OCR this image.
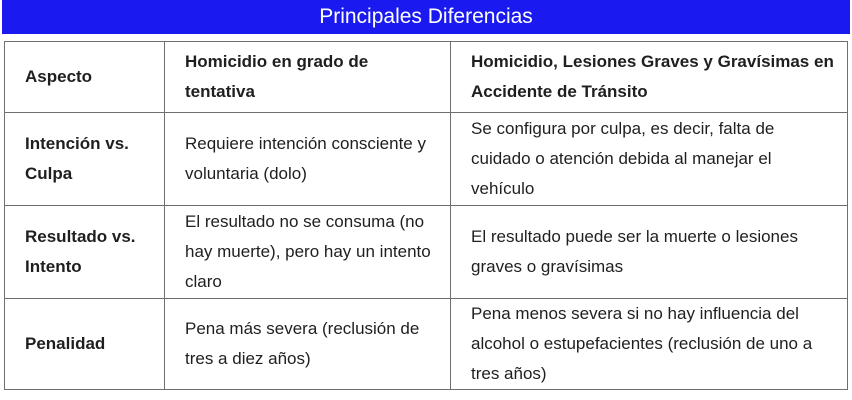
Principales Diferencias
Aspecto	Homicidio en grado de tentativa	Homicidio, Lesiones Graves y Gravísimas en Accidente de Tránsito
Intención vs. Culpa	Requiere intención consciente y voluntaria (dolo)	Se configura por culpa, es decir, falta de cuidado o atención debida al manejar el vehículo
Resultado vs. Intento	El resultado no se consuma (no hay muerte), pero hay un intento claro	El resultado puede ser la muerte o lesiones graves o gravísimas
Penalidad	Pena más severa (reclusión de tres a diez años)	Pena menos severa si no hay influencia del alcohol o estupefacientes (reclusión de uno a tres años)
